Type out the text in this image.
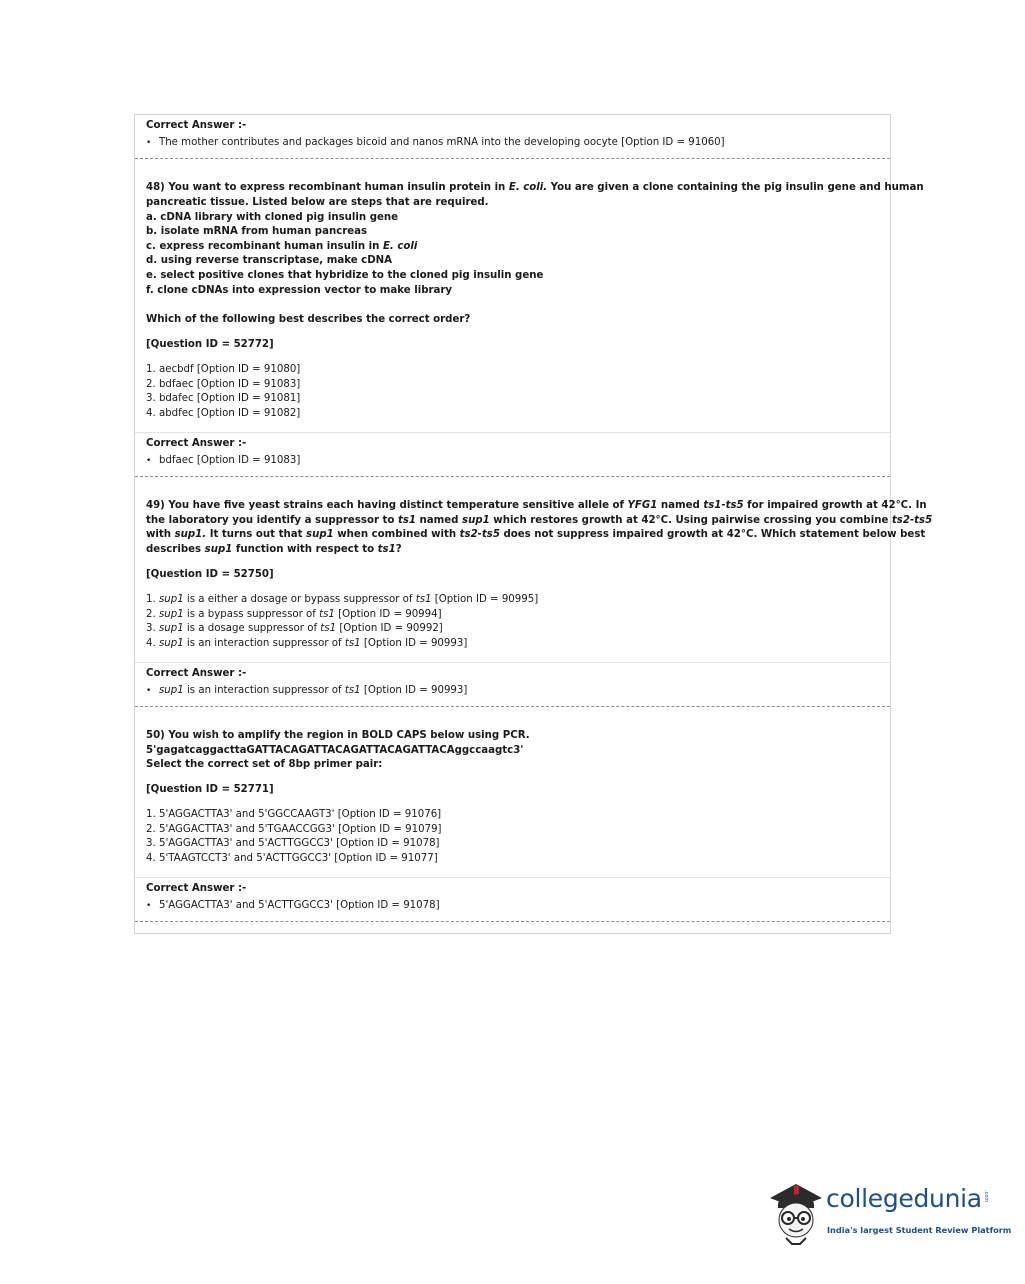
Correct Answer :-
• The mother contributes and packages bicoid and nanos mRNA into the developing oocyte [Option ID = 91060]
48) You want to express recombinant human insulin protein in E. coli. You are given a clone containing the pig insulin gene and human
pancreatic tissue. Listed below are steps that are required.
a. cDNA library with cloned pig insulin gene
b. isolate mRNA from human pancreas
c. express recombinant human insulin in E. coli
d. using reverse transcriptase, make cDNA
e. select positive clones that hybridize to the cloned pig insulin gene
f. clone cDNAs into expression vector to make library
Which of the following best describes the correct order?
[Question ID = 52772]
1. aecbdf [Option ID = 91080]
2. bdfaec [Option ID = 91083]
3. bdafec [Option ID = 91081]
4. abdfec [Option ID = 91082]
Correct Answer :-
• bdfaec [Option ID = 91083]
49) You have five yeast strains each having distinct temperature sensitive allele of YFG1 named ts1-ts5 for impaired growth at 42°C. In
the laboratory you identify a suppressor to ts1 named sup1 which restores growth at 42°C. Using pairwise crossing you combine ts2-ts5
with sup1. It turns out that sup1 when combined with ts2-ts5 does not suppress impaired growth at 42°C. Which statement below best
describes sup1 function with respect to ts1?
[Question ID = 52750]
1. sup1 is a either a dosage or bypass suppressor of ts1 [Option ID = 90995]
2. sup1 is a bypass suppressor of ts1 [Option ID = 90994]
3. sup1 is a dosage suppressor of ts1 [Option ID = 90992]
4. sup1 is an interaction suppressor of ts1 [Option ID = 90993]
Correct Answer :-
• sup1 is an interaction suppressor of ts1 [Option ID = 90993]
50) You wish to amplify the region in BOLD CAPS below using PCR.
5'gagatcaggacttaGATTACAGATTACAGATTACAGATTACAggccaagtc3'
Select the correct set of 8bp primer pair:
[Question ID = 52771]
1. 5'AGGACTTA3' and 5'GGCCAAGT3' [Option ID = 91076]
2. 5'AGGACTTA3' and 5'TGAACCGG3' [Option ID = 91079]
3. 5'AGGACTTA3' and 5'ACTTGGCC3' [Option ID = 91078]
4. 5'TAAGTCCT3' and 5'ACTTGGCC3' [Option ID = 91077]
Correct Answer :-
• 5'AGGACTTA3' and 5'ACTTGGCC3' [Option ID = 91078]
collegedunia .com
India's largest Student Review Platform
